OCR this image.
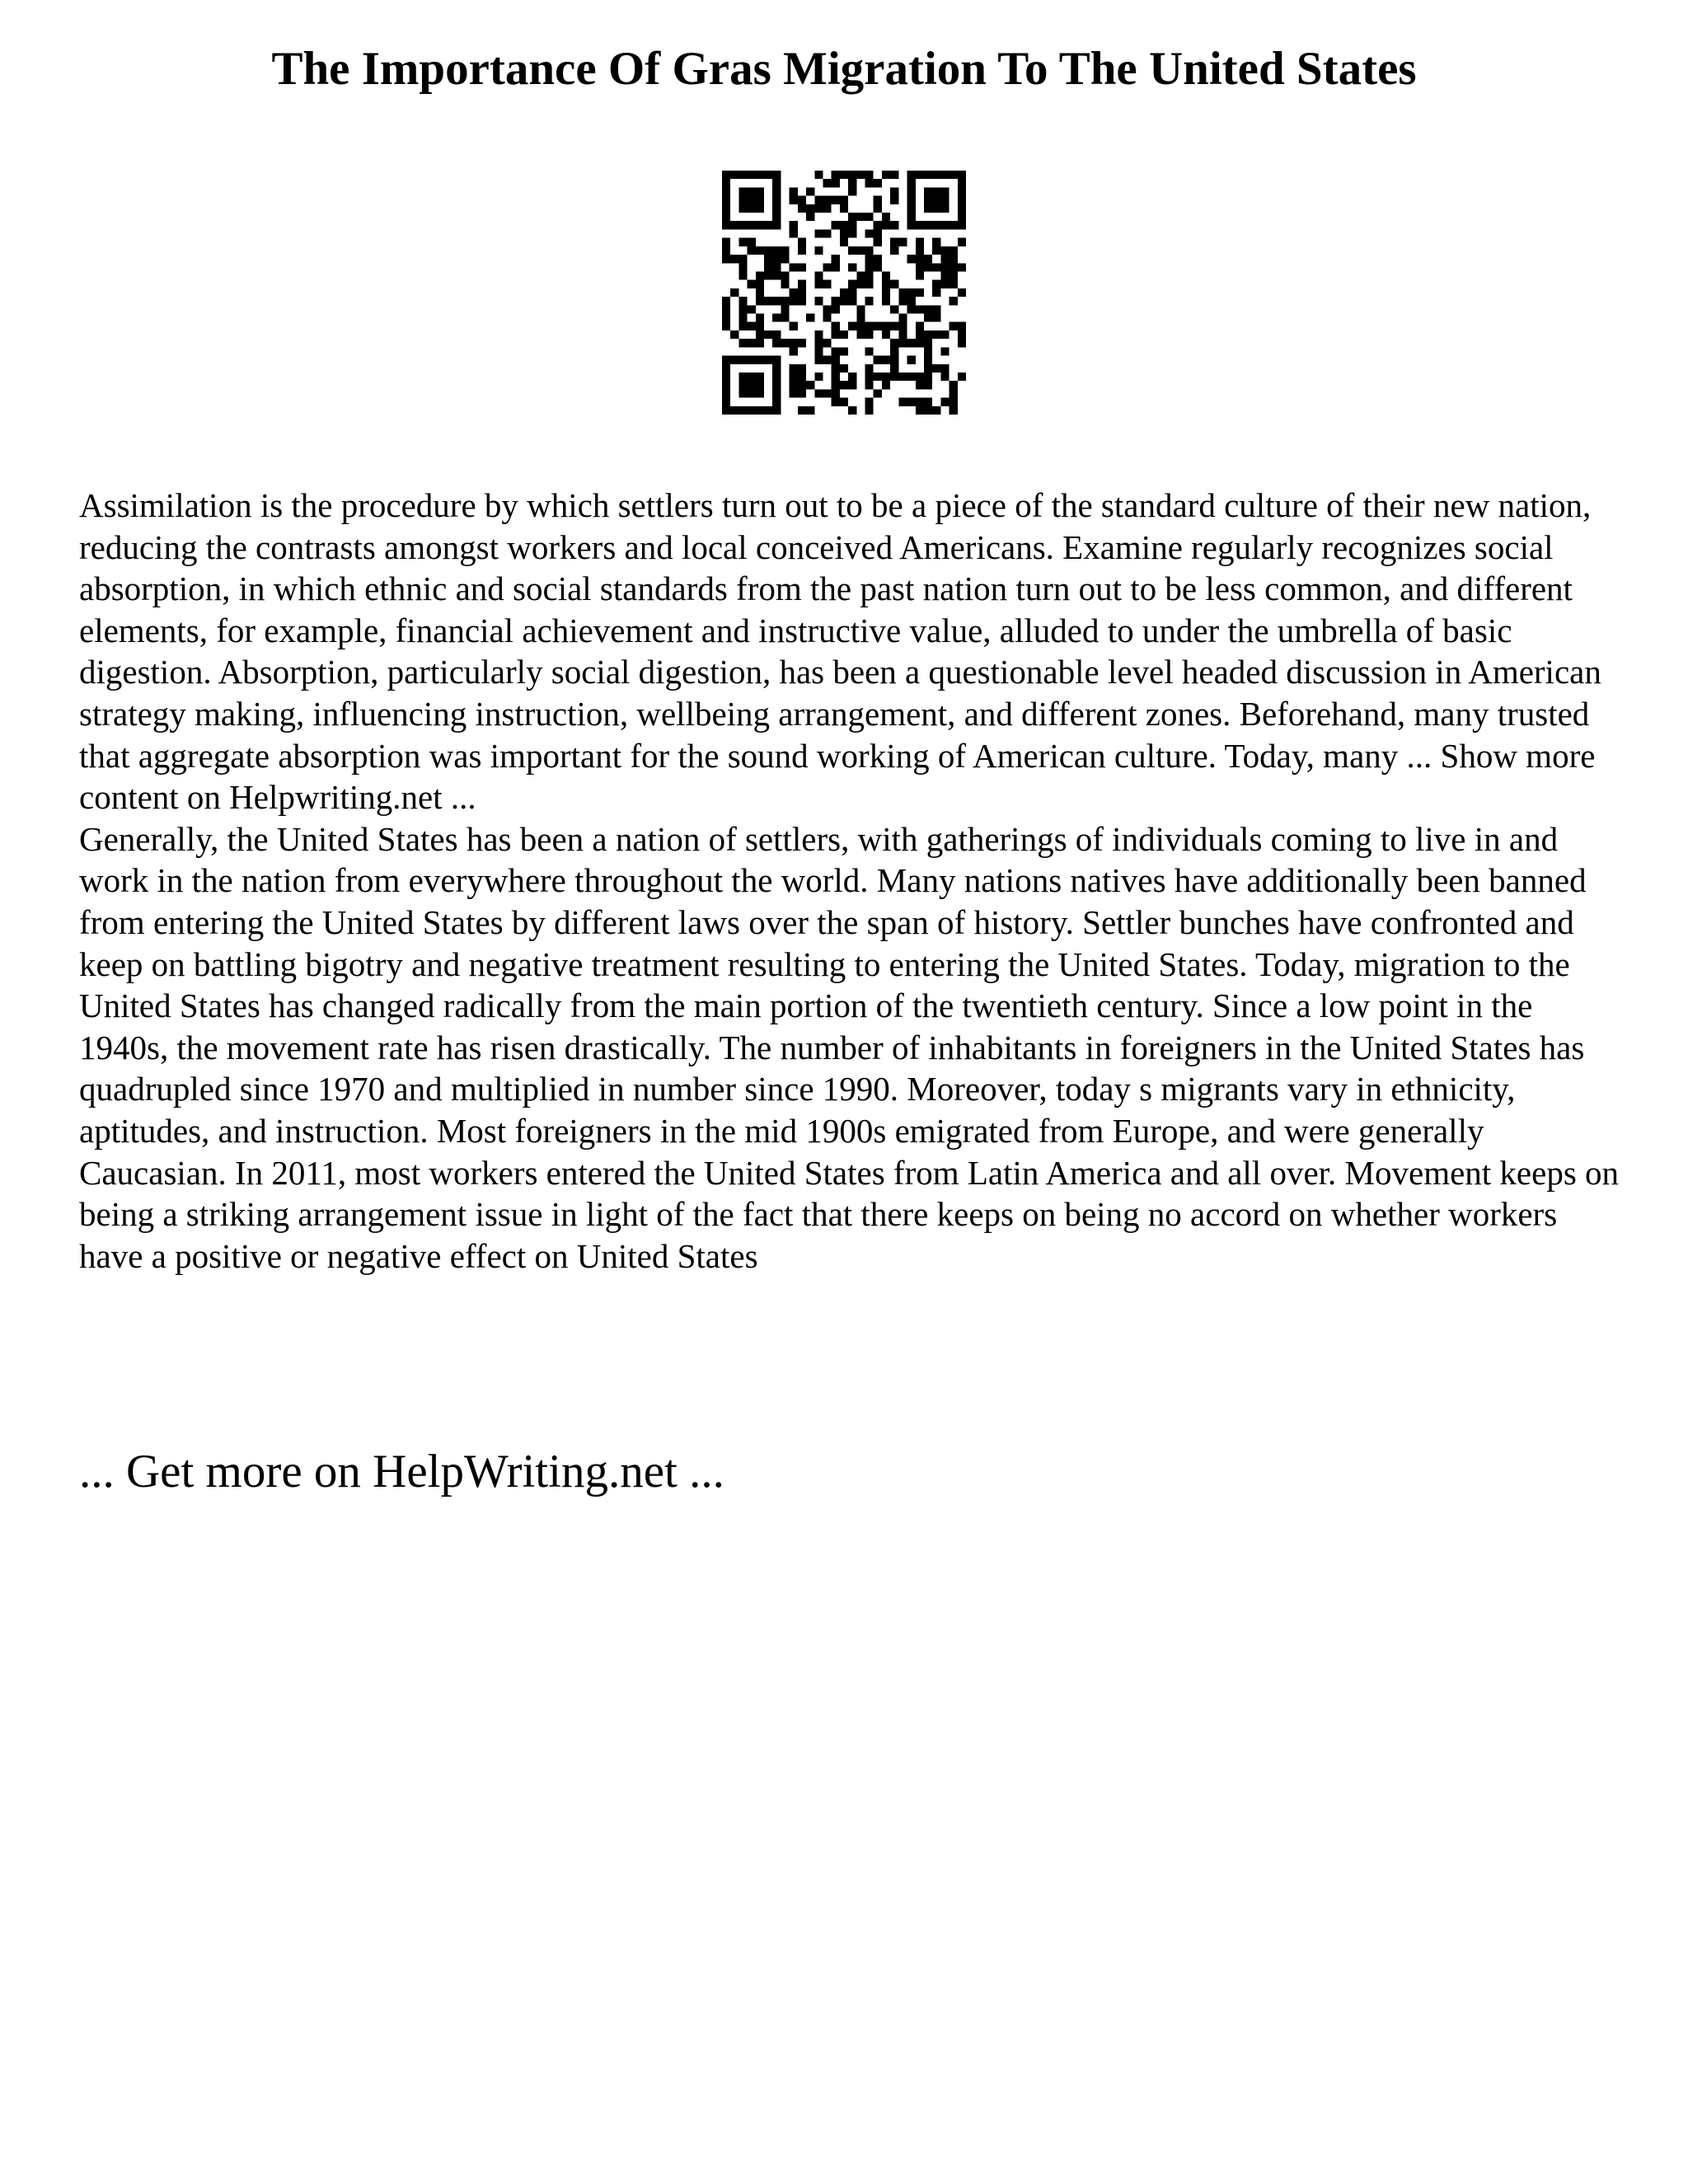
The Importance Of Gras Migration To The United States

Assimilation is the procedure by which settlers turn out to be a piece of the standard culture of their new nation, reducing the contrasts amongst workers and local conceived Americans. Examine regularly recognizes social absorption, in which ethnic and social standards from the past nation turn out to be less common, and different elements, for example, financial achievement and instructive value, alluded to under the umbrella of basic digestion. Absorption, particularly social digestion, has been a questionable level headed discussion in American strategy making, influencing instruction, wellbeing arrangement, and different zones. Beforehand, many trusted that aggregate absorption was important for the sound working of American culture. Today, many ... Show more content on Helpwriting.net ...

Generally, the United States has been a nation of settlers, with gatherings of individuals coming to live in and work in the nation from everywhere throughout the world. Many nations natives have additionally been banned from entering the United States by different laws over the span of history. Settler bunches have confronted and keep on battling bigotry and negative treatment resulting to entering the United States. Today, migration to the United States has changed radically from the main portion of the twentieth century. Since a low point in the 1940s, the movement rate has risen drastically. The number of inhabitants in foreigners in the United States has quadrupled since 1970 and multiplied in number since 1990. Moreover, today s migrants vary in ethnicity, aptitudes, and instruction. Most foreigners in the mid 1900s emigrated from Europe, and were generally Caucasian. In 2011, most workers entered the United States from Latin America and all over. Movement keeps on being a striking arrangement issue in light of the fact that there keeps on being no accord on whether workers have a positive or negative effect on United States

... Get more on HelpWriting.net ...
